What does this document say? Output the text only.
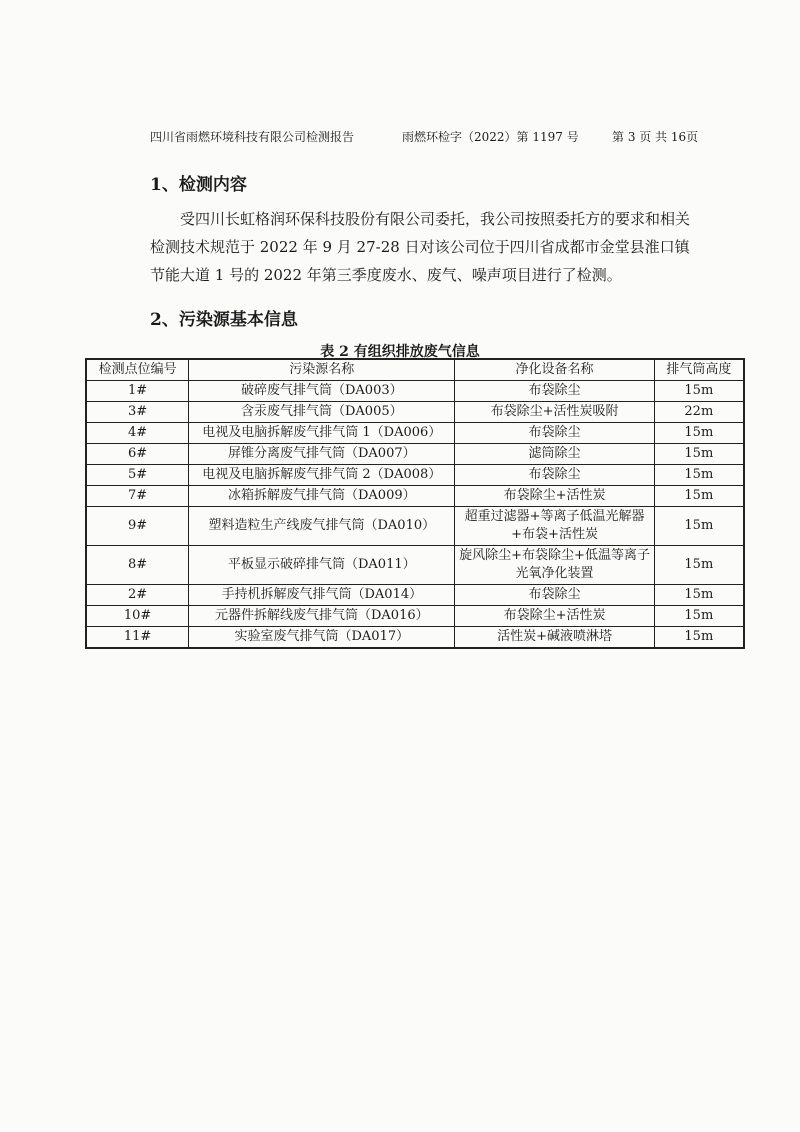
四川省雨燃环境科技有限公司检测报告	雨燃环检字（2022）第 1197 号	第 3 页 共 16页
1、检测内容

受四川长虹格润环保科技股份有限公司委托，我公司按照委托方的要求和相关检测技术规范于 2022 年 9 月 27-28 日对该公司位于四川省成都市金堂县淮口镇节能大道 1 号的 2022 年第三季度废水、废气、噪声项目进行了检测。

2、污染源基本信息
表 2 有组织排放废气信息
检测点位编号	污染源名称	净化设备名称	排气筒高度
1#	破碎废气排气筒（DA003）	布袋除尘	15m
3#	含汞废气排气筒（DA005）	布袋除尘+活性炭吸附	22m
4#	电视及电脑拆解废气排气筒 1（DA006）	布袋除尘	15m
6#	屏锥分离废气排气筒（DA007）	滤筒除尘	15m
5#	电视及电脑拆解废气排气筒 2（DA008）	布袋除尘	15m
7#	冰箱拆解废气排气筒（DA009）	布袋除尘+活性炭	15m
9#	塑料造粒生产线废气排气筒（DA010）	超重过滤器+等离子低温光解器+布袋+活性炭	15m
8#	平板显示破碎排气筒（DA011）	旋风除尘+布袋除尘+低温等离子光氧净化装置	15m
2#	手持机拆解废气排气筒（DA014）	布袋除尘	15m
10#	元器件拆解线废气排气筒（DA016）	布袋除尘+活性炭	15m
11#	实验室废气排气筒（DA017）	活性炭+碱液喷淋塔	15m
